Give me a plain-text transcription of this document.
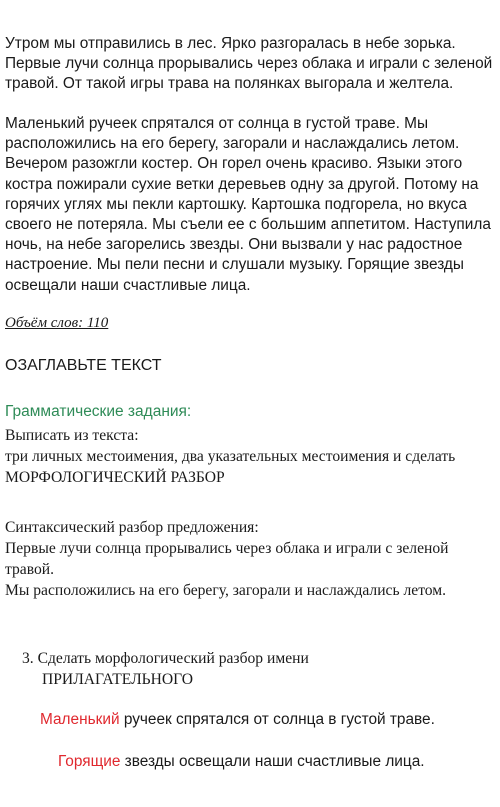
Утром мы отправились в лес. Ярко разгоралась в небе зорька. Первые лучи солнца прорывались через облака и играли с зеленой травой. От такой игры трава на полянках выгорала и желтела.

Маленький ручеек спрятался от солнца в густой траве. Мы расположились на его берегу, загорали и наслаждались летом. Вечером разожгли костер. Он горел очень красиво. Языки этого костра пожирали сухие ветки деревьев одну за другой. Потому на горячих углях мы пекли картошку. Картошка подгорела, но вкуса своего не потеряла. Мы съели ее с большим аппетитом. Наступила ночь, на небе загорелись звезды. Они вызвали у нас радостное настроение. Мы пели песни и слушали музыку. Горящие звезды освещали наши счастливые лица.

Объём слов: 110

ОЗАГЛАВЬТЕ ТЕКСТ

Грамматические задания:

Выписать из текста:
три личных местоимения, два указательных местоимения и сделать МОРФОЛОГИЧЕСКИЙ РАЗБОР
Синтаксический разбор предложения:
Первые лучи солнца прорывались через облака и играли с зеленой травой.
Мы расположились на его берегу, загорали и наслаждались летом.
3. Сделать морфологический разбор имени
ПРИЛАГАТЕЛЬНОГО

Маленький ручеек спрятался от солнца в густой траве.

Горящие звезды освещали наши счастливые лица.
